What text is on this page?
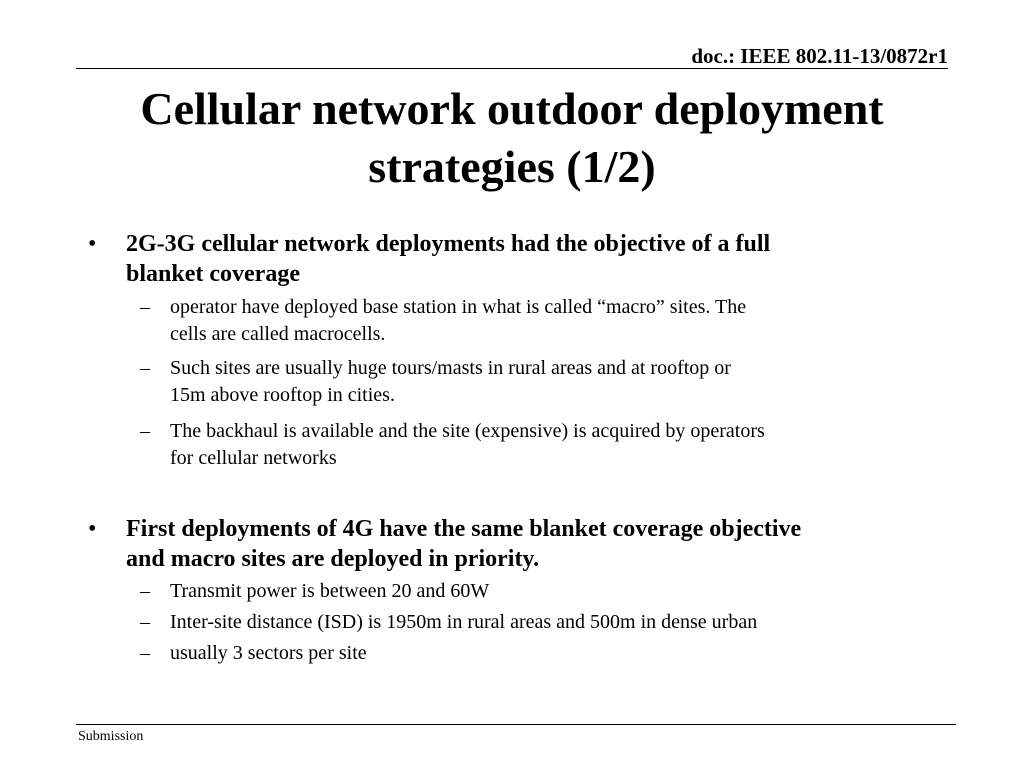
doc.: IEEE 802.11-13/0872r1
Cellular network outdoor deployment
strategies (1/2)
• 2G-3G cellular network deployments had the objective of a full
blanket coverage
– operator have deployed base station in what is called “macro” sites. The
cells are called macrocells.
– Such sites are usually huge tours/masts in rural areas and at rooftop or
15m above rooftop in cities.
– The backhaul is available and the site (expensive) is acquired by operators
for cellular networks
• First deployments of 4G have the same blanket coverage objective
and macro sites are deployed in priority.
– Transmit power is between 20 and 60W
– Inter-site distance (ISD) is 1950m in rural areas and 500m in dense urban
– usually 3 sectors per site
Submission
